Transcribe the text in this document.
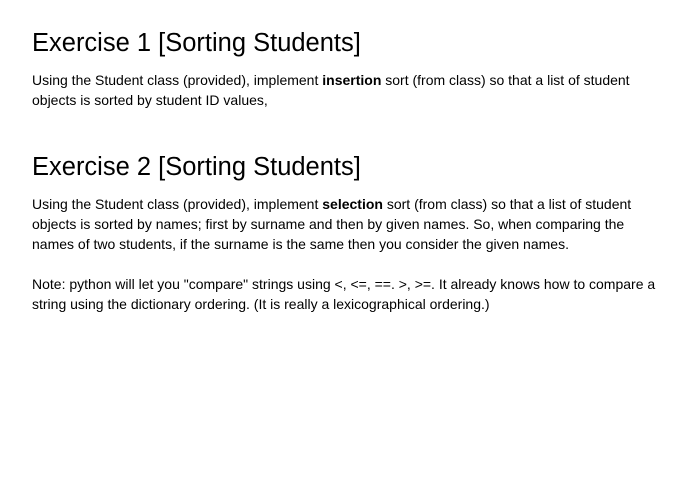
Exercise 1 [Sorting Students]

Using the Student class (provided), implement insertion sort (from class) so that a list of student objects is sorted by student ID values,

Exercise 2 [Sorting Students]

Using the Student class (provided), implement selection sort (from class) so that a list of student objects is sorted by names; first by surname and then by given names. So, when comparing the names of two students, if the surname is the same then you consider the given names.

Note: python will let you "compare" strings using <, <=, ==. >, >=. It already knows how to compare a string using the dictionary ordering. (It is really a lexicographical ordering.)
